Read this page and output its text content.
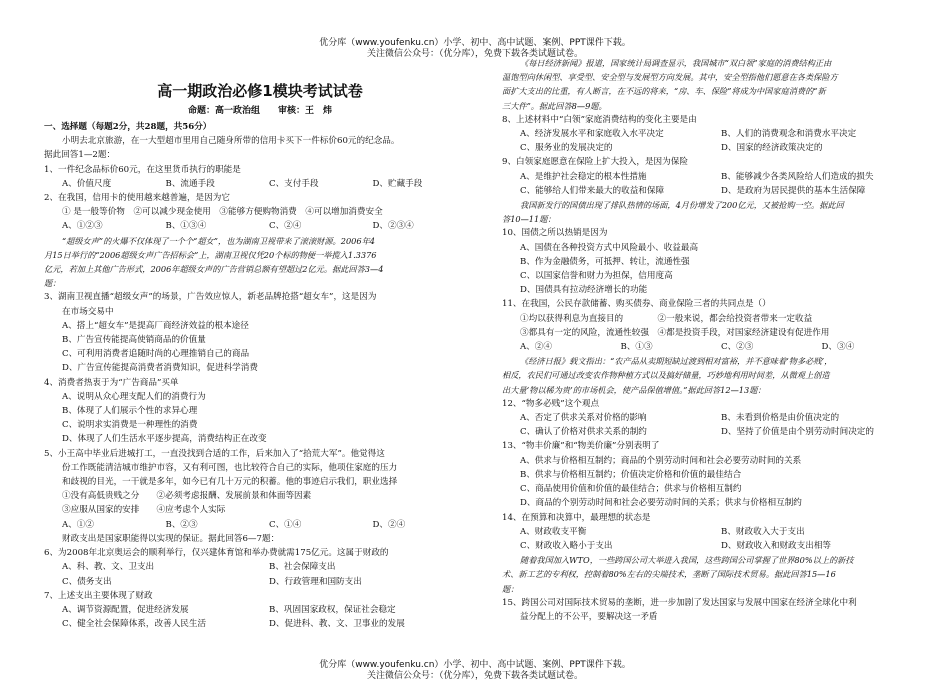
优分库（www.youfenku.cn）小学、初中、高中试题、案例、PPT课件下载。
关注微信公众号：（优分库），免费下载各类试题试卷。
高一期政治必修1模块考试试卷
命题：高一政治组　　审核：王　炜
一、选择题（每题2分，共28题，共56分）
小明去北京旅游，在一大型超市里用自己随身所带的信用卡买下一件标价60元的纪念品。
据此回答1—2题：
1、一件纪念品标价60元，在这里货币执行的职能是
A、价值尺度	B、流通手段	C、支付手段	D、贮藏手段
2、在我国，信用卡的使用越来越普遍，是因为它
① 是一般等价物　②可以减少现金使用　③能够方便购物消费　④可以增加消费安全
A、①②③	B、①③④	C、②④	D、②③④
“超级女声”的火爆不仅体现了一个个“超女”，也为湖南卫视带来了滚滚财源。2006年4
月15日举行的“2006超级女声广告招标会”上，湖南卫视仅凭20个标的物便一举揽入1.3376
亿元，若加上其他广告形式，2006年超级女声的广告营销总额有望超过2亿元。据此回答3—4
题：
3、湖南卫视直播“超级女声”的场景，广告效应惊人，新老品牌抢搭“超女车”，这是因为
在市场交易中
A、搭上“超女车”是提高厂商经济效益的根本途径
B、广告宣传能提高使销商品的价值量
C、可利用消费者追随时尚的心理推销自己的商品
D、广告宣传能提高消费者消费知识，促进科学消费
4、消费者热衷于为“广告商品”买单
A、说明从众心理支配人们的消费行为
B、体现了人们展示个性的求异心理
C、说明求实消费是一种理性的消费
D、体现了人们生活水平逐步提高，消费结构正在改变
5、小王高中毕业后进城打工，一直没找到合适的工作，后来加入了“拾荒大军”。他觉得这
份工作既能清洁城市维护市容，又有利可图，也比较符合自己的实际，他项住家庭的压力
和歧视的目光，一干就是多年，如今已有几十万元的积蓄。他的事迹启示我们，职业选择
①没有高低贵贱之分　　②必须考虑报酬、发展前景和体面等因素
③应服从国家的安排　　④应考虑个人实际
A、①②	B、②③	C、①④	D、②④
财政支出是国家职能得以实现的保证。据此回答6—7题：
6、为2008年北京奥运会的顺利举行，仅兴建体育馆和举办费就需175亿元。这属于财政的
A、科、教、文、卫支出	B、社会保障支出
C、债务支出	D、行政管理和国防支出
7、上述支出主要体现了财政
A、调节资源配置，促进经济发展	B、巩固国家政权，保证社会稳定
C、健全社会保障体系，改善人民生活	D、促进科、教、文、卫事业的发展
《每日经济新闻》报道，国家统计局调查显示，我国城市“双白领”家庭的消费结构正由
温饱型向休闲型、享受型、安全型与发展型方向发展。其中，安全型指他们愿意在各类保险方
面扩大支出的比重，有人断言，在不远的将来，“房、车、保险”将成为中国家庭消费的“新
三大件”。据此回答8—9题。
8、上述材料中“白领”家庭消费结构的变化主要是由
A、经济发展水平和家庭收入水平决定	B、人们的消费观念和消费水平决定
C、服务业的发展决定的	D、国家的经济政策决定的
9、白领家庭愿意在保险上扩大投入，是因为保险
A、是维护社会稳定的根本性措施	B、能够减少各类风险给人们造成的损失
C、能够给人们带来最大的收益和保障	D、是政府为居民提供的基本生活保障
我国新发行的国债出现了排队热情的场面，4月份增发了200亿元，又被抢购一空。据此回
答10—11题：
10、国债之所以热销是因为
A、国债在各种投资方式中风险最小、收益最高
B、作为金融债务，可抵押、转让，流通性强
C、以国家信誉和财力为担保，信用度高
D、国债具有拉动经济增长的功能
11、在我国，公民存款储蓄、购买债券、商业保险三者的共同点是（）
①均以获得利息为直接目的　　　　②一般来说，都会给投资者带来一定收益
③都具有一定的风险，流通性较强　④都是投资手段，对国家经济建设有促进作用
A、②④	B、①③	C、②③	D、③④
《经济日报》载文指出：“农产品从卖期短缺过渡到相对富裕，并不意味着‘物多必贱’，
相反，农民们可通过改变农作物种植方式以及搞好储量，巧妙地利用时间差，从微观上创造
出大量‘物以稀为贵’的市场机会，使产品保值增值。”据此回答12—13题：
12、“物多必贱”这个观点
A、否定了供求关系对价格的影响	B、未看到价格是由价值决定的
C、确认了价格对供求关系的制约	D、坚持了价值是由个别劳动时间决定的
13、“物丰价廉”和“物美价廉”分别表明了
A、供求与价格相互制约；商品的个别劳动时间和社会必要劳动时间的关系
B、供求与价格相互制约；价值决定价格和价值的最佳结合
C、商品使用价值和价值的最佳结合；供求与价格相互制约
D、商品的个别劳动时间和社会必要劳动时间的关系；供求与价格相互制约
14、在预算和决算中，最理想的状态是
A、财政收支平衡	B、财政收入大于支出
C、财政收入略小于支出	D、财政收入和财政支出相等
随着我国加入WTO，一些跨国公司大举进入我国，这些跨国公司掌握了世界80%以上的新技
术、新工艺的专利权，控制着80%左右的尖端技术，垄断了国际技术贸易。据此回答15—16
题：
15、跨国公司对国际技术贸易的垄断，进一步加剧了发达国家与发展中国家在经济全球化中利
益分配上的不公平，要解决这一矛盾
优分库（www.youfenku.cn）小学、初中、高中试题、案例、PPT课件下载。
关注微信公众号：（优分库），免费下载各类试题试卷。
